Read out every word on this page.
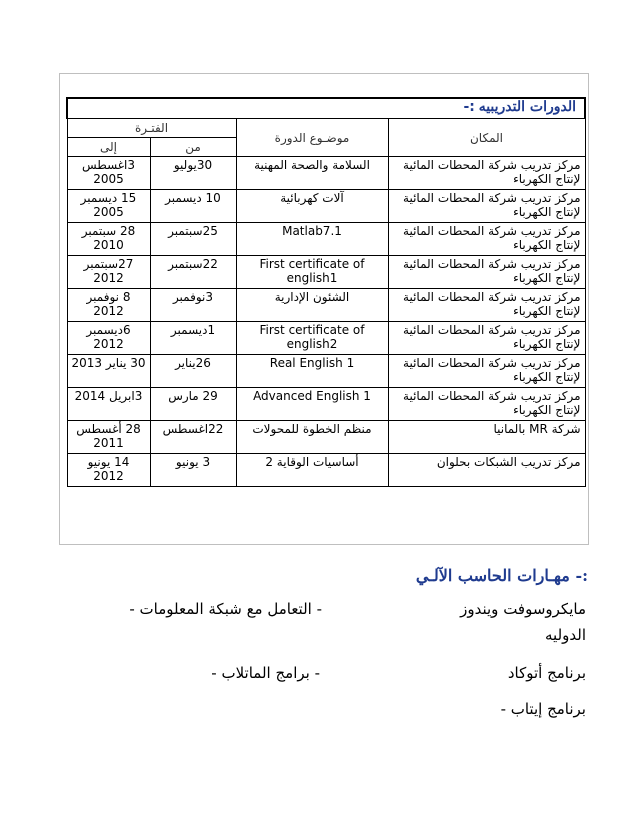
الدورات التدريبيه :-			
المكان	موضـوع الدورة	الفتـرة	
		من	إلى
مركز تدريب شركة المحطات المائية لإنتاج الكهرباء	السلامة والصحة المهنية	30يوليو	3اغسطس 2005
مركز تدريب شركة المحطات المائية لإنتاج الكهرباء	آلات كهربائية	10 ديسمبر	15 ديسمبر 2005
مركز تدريب شركة المحطات المائية لإنتاج الكهرباء	Matlab7.1	25سبتمبر	28 سبتمبر 2010
مركز تدريب شركة المحطات المائية لإنتاج الكهرباء	First certificate of english1	22سبتمبر	27سبتمبر 2012
مركز تدريب شركة المحطات المائية لإنتاج الكهرباء	الشئون الإدارية	3نوفمبر	8 نوفمبر 2012
مركز تدريب شركة المحطات المائية لإنتاج الكهرباء	First certificate of english2	1ديسمبر	6ديسمبر 2012
مركز تدريب شركة المحطات المائية لإنتاج الكهرباء	Real English 1	26يناير	30 يناير 2013
مركز تدريب شركة المحطات المائية لإنتاج الكهرباء	Advanced English 1	29 مارس	3ابريل 2014
شركة MR بالمانيا	منظم الخطوة للمحولات	22اغسطس	28 أغسطس 2011
مركز تدريب الشبكات بحلوان	أساسيات الوقاية 2	3 يونيو	14 يونيو 2012
:- مهـارات الحاسب الآلـي
مايكروسوفت ويندوز
- التعامل مع شبكة المعلومات -
الدوليه
برنامج أتوكاد
- برامج الماتلاب -
برنامج إيتاب -
